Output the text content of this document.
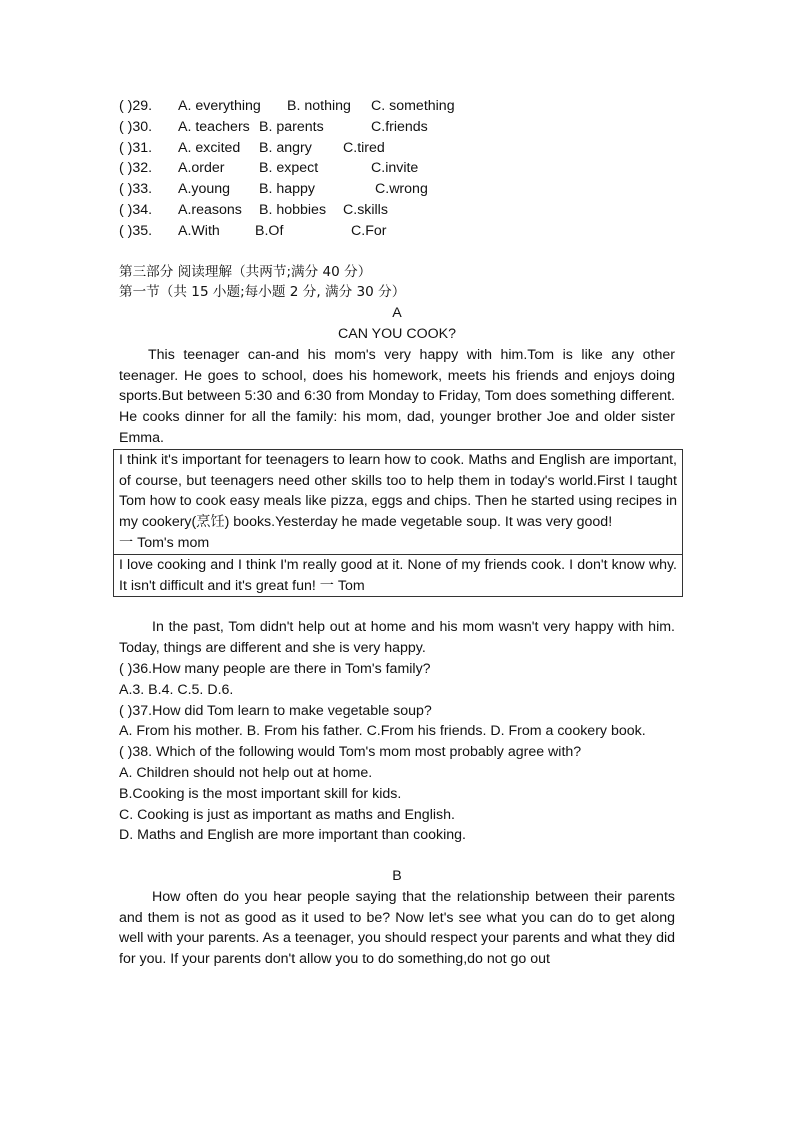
( )29. A. everything B. nothing C. something
( )30. A. teachers B. parents	C.friends
( )31. A. excited B. angry C.tired
( )32. A.order B. expect	C.invite
( )33. A.young B. happy	C.wrong
( )34. A.reasons B. hobbies C.skills
( )35. A.With B.Of	C.For
第三部分 阅读理解（共两节;满分 40 分）
第一节（共 15 小题;每小题 2 分, 满分 30 分）
A
CAN YOU COOK?
This teenager can-and his mom's very happy with him.Tom is like any other teenager. He goes to school, does his homework, meets his friends and enjoys doing sports.But between 5:30 and 6:30 from Monday to Friday, Tom does something different. He cooks dinner for all the family: his mom, dad, younger brother Joe and older sister Emma.
I think it's important for teenagers to learn how to cook. Maths and English are important, of course, but teenagers need other skills too to help them in today's world.First I taught Tom how to cook easy meals like pizza, eggs and chips. Then he started using recipes in my cookery(烹饪) books.Yesterday he made vegetable soup. It was very good!
一 Tom's mom
I love cooking and I think I'm really good at it. None of my friends cook. I don't know why. It isn't difficult and it's great fun! 一 Tom
In the past, Tom didn't help out at home and his mom wasn't very happy with him. Today, things are different and she is very happy.
( )36.How many people are there in Tom's family?
A.3. B.4. C.5. D.6.
( )37.How did Tom learn to make vegetable soup?
A. From his mother. B. From his father. C.From his friends. D. From a cookery book.
( )38. Which of the following would Tom's mom most probably agree with?
A. Children should not help out at home.
B.Cooking is the most important skill for kids.
C. Cooking is just as important as maths and English.
D. Maths and English are more important than cooking.
B
How often do you hear people saying that the relationship between their parents and them is not as good as it used to be? Now let's see what you can do to get along well with your parents. As a teenager, you should respect your parents and what they did for you. If your parents don't allow you to do something,do not go out
